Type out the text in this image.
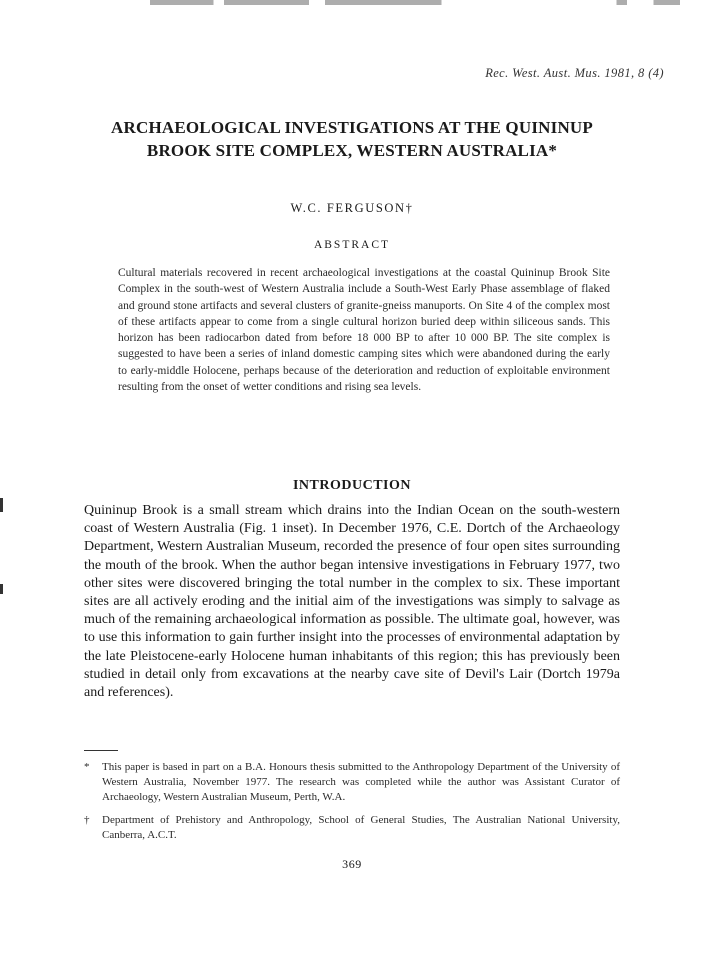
Rec. West. Aust. Mus. 1981, 8 (4)
ARCHAEOLOGICAL INVESTIGATIONS AT THE QUININUP BROOK SITE COMPLEX, WESTERN AUSTRALIA*
W.C. FERGUSON†
ABSTRACT

Cultural materials recovered in recent archaeological investigations at the coastal Quininup Brook Site Complex in the south-west of Western Australia include a South-West Early Phase assemblage of flaked and ground stone artifacts and several clusters of granite-gneiss manuports. On Site 4 of the complex most of these artifacts appear to come from a single cultural horizon buried deep within siliceous sands. This horizon has been radiocarbon dated from before 18 000 BP to after 10 000 BP. The site complex is suggested to have been a series of inland domestic camping sites which were abandoned during the early to early-middle Holocene, perhaps because of the deterioration and reduction of exploitable environment resulting from the onset of wetter conditions and rising sea levels.

INTRODUCTION

Quininup Brook is a small stream which drains into the Indian Ocean on the south-western coast of Western Australia (Fig. 1 inset). In December 1976, C.E. Dortch of the Archaeology Department, Western Australian Museum, recorded the presence of four open sites surrounding the mouth of the brook. When the author began intensive investigations in February 1977, two other sites were discovered bringing the total number in the complex to six. These important sites are all actively eroding and the initial aim of the investigations was simply to salvage as much of the remaining archaeological information as possible. The ultimate goal, however, was to use this information to gain further insight into the processes of environmental adaptation by the late Pleistocene-early Holocene human inhabitants of this region; this has previously been studied in detail only from excavations at the nearby cave site of Devil's Lair (Dortch 1979a and references).

*	This paper is based in part on a B.A. Honours thesis submitted to the Anthropology Department of the University of Western Australia, November 1977. The research was completed while the author was Assistant Curator of Archaeology, Western Australian Museum, Perth, W.A.
†	Department of Prehistory and Anthropology, School of General Studies, The Australian National University, Canberra, A.C.T.
369
